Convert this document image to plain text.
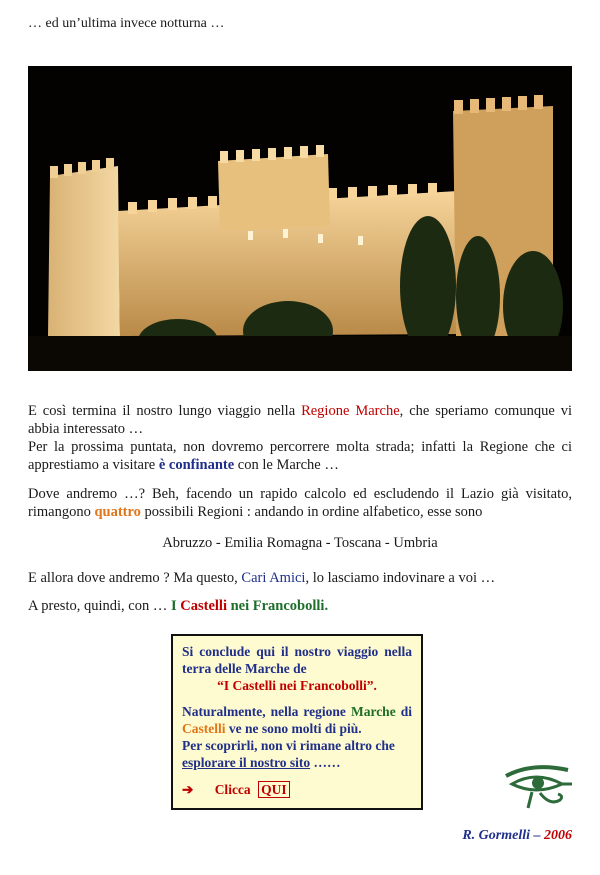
… ed un’ultima invece notturna …
E così termina il nostro lungo viaggio nella Regione Marche, che speriamo comunque vi abbia interessato …
Per la prossima puntata, non dovremo percorrere molta strada; infatti la Regione che ci apprestiamo a visitare è confinante con le Marche …
Dove andremo …? Beh, facendo un rapido calcolo ed escludendo il Lazio già visitato, rimangono quattro possibili Regioni : andando in ordine alfabetico, esse sono
Abruzzo - Emilia Romagna - Toscana - Umbria
E allora dove andremo ? Ma questo, Cari Amici, lo lasciamo indovinare a voi …
A presto, quindi, con … I Castelli nei Francobolli.
Si conclude qui il nostro viaggio nella terra delle Marche de
“I Castelli nei Francobolli”.
Naturalmente, nella regione Marche di Castelli ve ne sono molti di più.
Per scoprirli, non vi rimane altro che esplorare il nostro sito ……
➔ Clicca QUI
R. Gormelli – 2006
